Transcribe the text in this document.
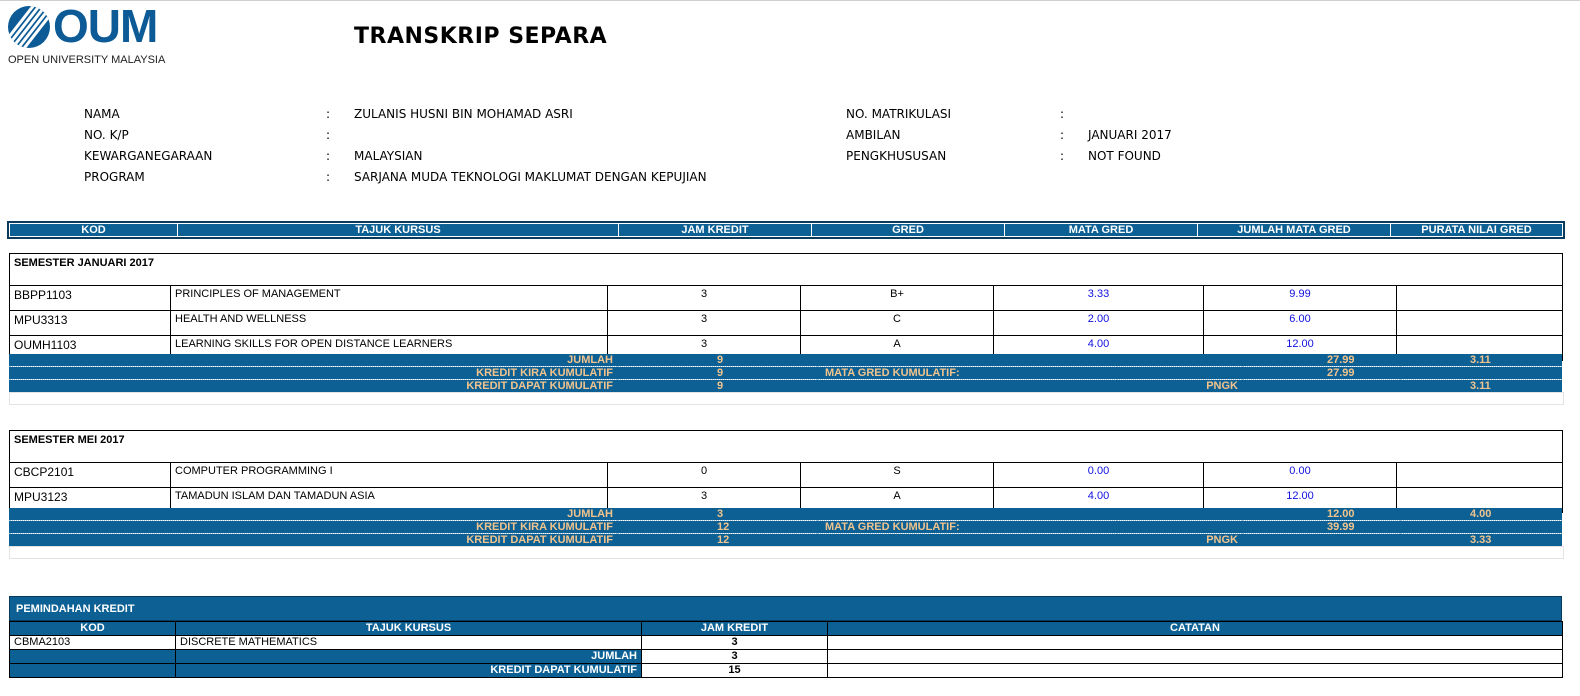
OUM
OPEN UNIVERSITY MALAYSIA
TRANSKRIP SEPARA
NAMA	: ZULANIS HUSNI BIN MOHAMAD ASRI
NO. K/P	:
KEWARGANEGARAAN	: MALAYSIAN
PROGRAM	: SARJANA MUDA TEKNOLOGI MAKLUMAT DENGAN KEPUJIAN
NO. MATRIKULASI	:
AMBILAN	: JANUARI 2017
PENGKHUSUSAN	: NOT FOUND
KOD	TAJUK KURSUS	JAM KREDIT	GRED	MATA GRED	JUMLAH MATA GRED	PURATA NILAI GRED
SEMESTER JANUARI 2017						
BBPP1103	PRINCIPLES OF MANAGEMENT	3	B+	3.33	9.99	
MPU3313	HEALTH AND WELLNESS	3	C	2.00	6.00	
OUMH1103	LEARNING SKILLS FOR OPEN DISTANCE LEARNERS	3	A	4.00	12.00	
JUMLAH	9			27.99	3.11
KREDIT KIRA KUMULATIF	9	MATA GRED KUMULATIF:		27.99	
KREDIT DAPAT KUMULATIF	9		PNGK		3.11
SEMESTER MEI 2017						
CBCP2101	COMPUTER PROGRAMMING I	0	S	0.00	0.00	
MPU3123	TAMADUN ISLAM DAN TAMADUN ASIA	3	A	4.00	12.00	
JUMLAH	3			12.00	4.00
KREDIT KIRA KUMULATIF	12	MATA GRED KUMULATIF:		39.99	
KREDIT DAPAT KUMULATIF	12		PNGK		3.33
PEMINDAHAN KREDIT
KOD	TAJUK KURSUS	JAM KREDIT	CATATAN
CBMA2103	DISCRETE MATHEMATICS	3	
	JUMLAH	3	
	KREDIT DAPAT KUMULATIF	15	
